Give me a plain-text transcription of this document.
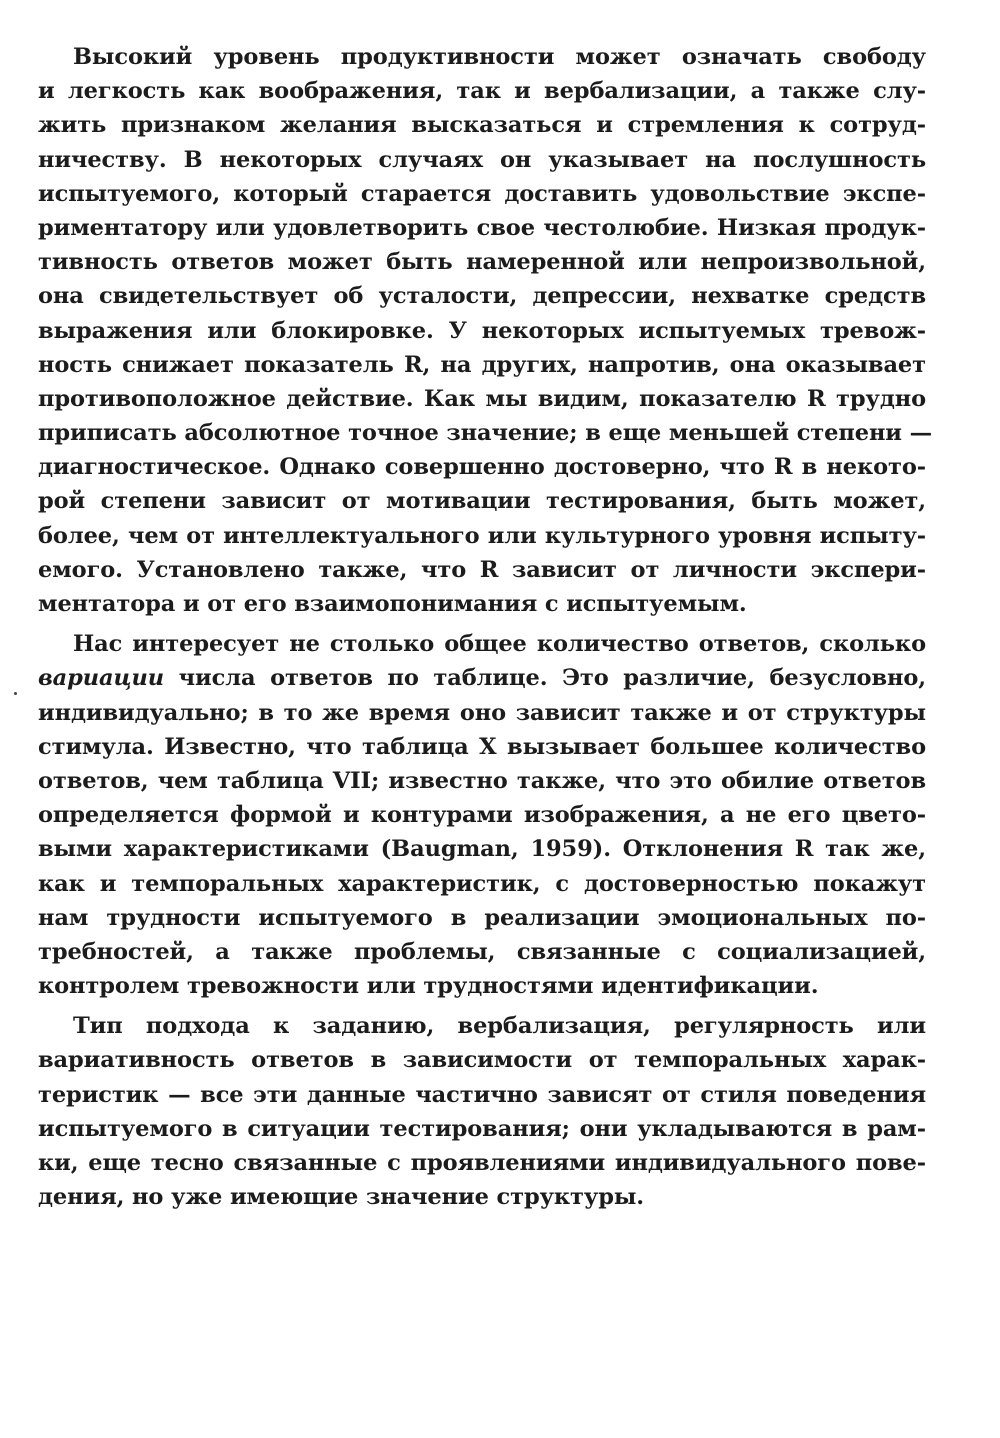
Высокий уровень продуктивности может означать свободу
и легкость как воображения, так и вербализации, а также слу-
жить признаком желания высказаться и стремления к сотруд-
ничеству. В некоторых случаях он указывает на послушность
испытуемого, который старается доставить удовольствие экспе-
риментатору или удовлетворить свое честолюбие. Низкая продук-
тивность ответов может быть намеренной или непроизвольной,
она свидетельствует об усталости, депрессии, нехватке средств
выражения или блокировке. У некоторых испытуемых тревож-
ность снижает показатель R, на других, напротив, она оказывает
противоположное действие. Как мы видим, показателю R трудно
приписать абсолютное точное значение; в еще меньшей степени —
диагностическое. Однако совершенно достоверно, что R в некото-
рой степени зависит от мотивации тестирования, быть может,
более, чем от интеллектуального или культурного уровня испыту-
емого. Установлено также, что R зависит от личности экспери-
ментатора и от его взаимопонимания с испытуемым.
Нас интересует не столько общее количество ответов, сколько
вариации числа ответов по таблице. Это различие, безусловно,
индивидуально; в то же время оно зависит также и от структуры
стимула. Известно, что таблица X вызывает большее количество
ответов, чем таблица VII; известно также, что это обилие ответов
определяется формой и контурами изображения, а не его цвето-
выми характеристиками (Baugman, 1959). Отклонения R так же,
как и темпоральных характеристик, с достоверностью покажут
нам трудности испытуемого в реализации эмоциональных по-
требностей, а также проблемы, связанные с социализацией,
контролем тревожности или трудностями идентификации.
Тип подхода к заданию, вербализация, регулярность или
вариативность ответов в зависимости от темпоральных харак-
теристик — все эти данные частично зависят от стиля поведения
испытуемого в ситуации тестирования; они укладываются в рам-
ки, еще тесно связанные с проявлениями индивидуального пове-
дения, но уже имеющие значение структуры.
